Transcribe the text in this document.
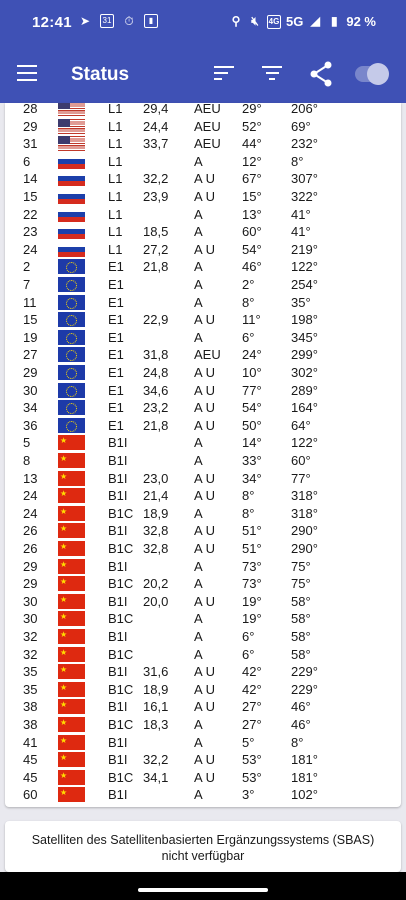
12:41 ➤	31 ⏱	▮	⚲ 🔇︎	4G 5G ◢ ▮ 92 %
Status
28	L1 29,4 AEU 29° 206°
29	L1 24,4 AEU 52° 69°
31	L1 33,7 AEU 44° 232°
6	L1	A	12° 8°
14	L1 32,2 A U 67° 307°
15	L1 23,9 A U 15° 322°
22	L1	A	13° 41°
23	L1 18,5 A	60° 41°
24	L1 27,2 A U 54° 219°
2	E1 21,8 A	46° 122°
7	E1	A	2°	254°
11	E1	A	8°	35°
15	E1 22,9 A U 11° 198°
19	E1	A	6°	345°
27	E1 31,8 AEU 24° 299°
29	E1 24,8 A U 10° 302°
30	E1 34,6 A U 77° 289°
34	E1 23,2 A U 54° 164°
36	E1 21,8 A U 50° 64°
5 ★	B1I	A	14° 122°
8 ★	B1I	A	33° 60°
13 ★	B1I 23,0 A U 34° 77°
24 ★	B1I 21,4 A U 8°	318°
24 ★	B1C 18,9 A	8°	318°
26 ★	B1I 32,8 A U 51° 290°
26 ★	B1C 32,8 A U 51° 290°
29 ★	B1I	A	73° 75°
29 ★	B1C 20,2 A	73° 75°
30 ★	B1I 20,0 A U 19° 58°
30 ★	B1C	A	19° 58°
32 ★	B1I	A	6°	58°
32 ★	B1C	A	6°	58°
35 ★	B1I 31,6 A U 42° 229°
35 ★	B1C 18,9 A U 42° 229°
38 ★	B1I 16,1 A U 27° 46°
38 ★	B1C 18,3 A	27° 46°
41 ★	B1I	A	5°	8°
45 ★	B1I 32,2 A U 53° 181°
45 ★	B1C 34,1 A U 53° 181°
60 ★	B1I	A	3°	102°
Satelliten des Satellitenbasierten Ergänzungssystems (SBAS)
nicht verfügbar
